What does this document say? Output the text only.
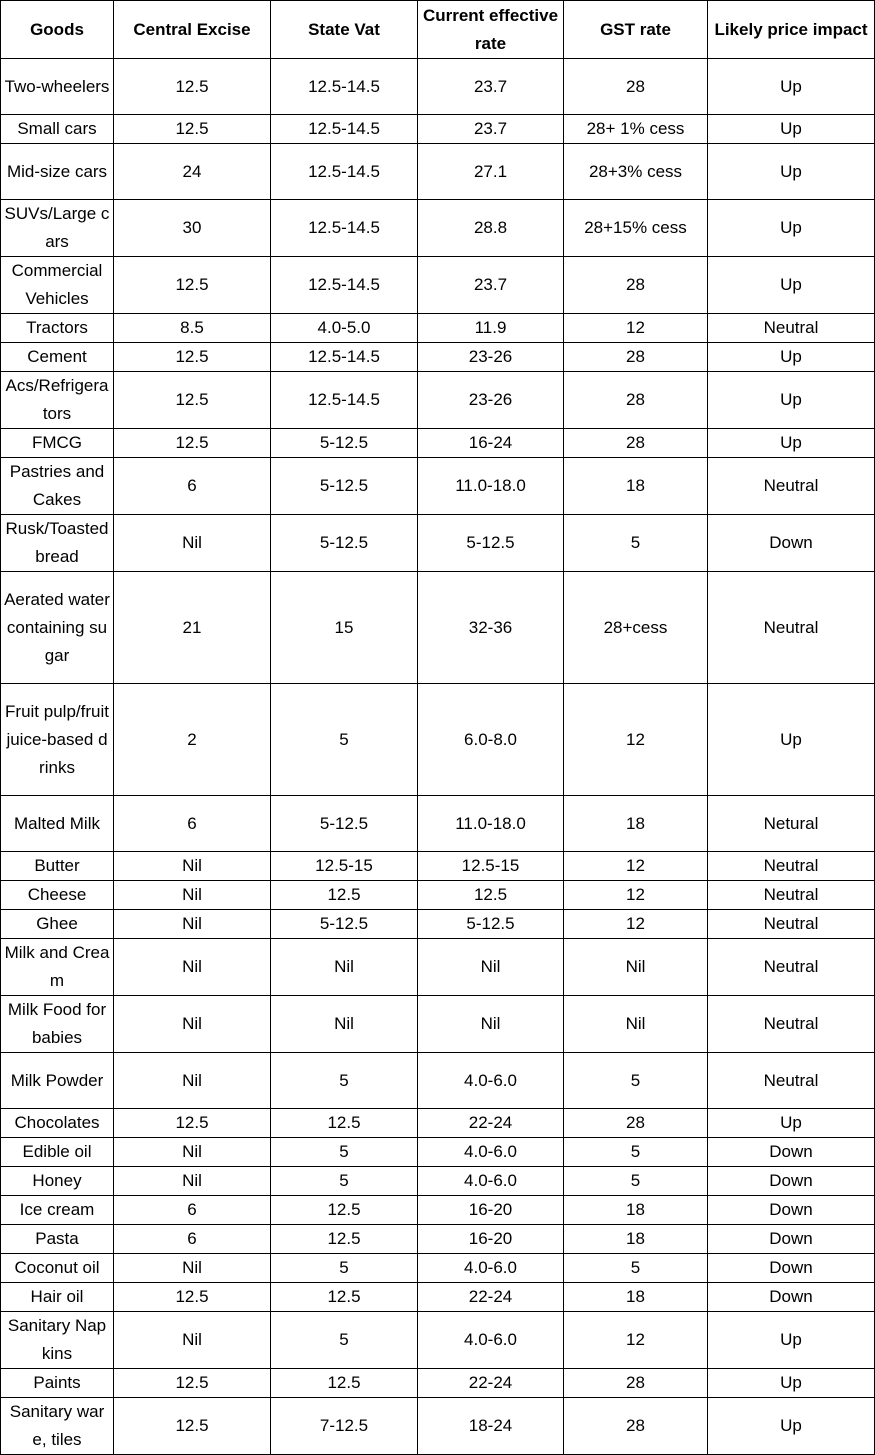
Goods	Central Excise	State Vat	Current effective rate	GST rate	Likely price impact
Two-wheelers	12.5	12.5-14.5	23.7	28	Up
Small cars	12.5	12.5-14.5	23.7	28+ 1% cess	Up
Mid-size cars	24	12.5-14.5	27.1	28+3% cess	Up
SUVs/Large cars	30	12.5-14.5	28.8	28+15% cess	Up
Commercial Vehicles	12.5	12.5-14.5	23.7	28	Up
Tractors	8.5	4.0-5.0	11.9	12	Neutral
Cement	12.5	12.5-14.5	23-26	28	Up
Acs/Refrigerators	12.5	12.5-14.5	23-26	28	Up
FMCG	12.5	5-12.5	16-24	28	Up
Pastries and Cakes	6	5-12.5	11.0-18.0	18	Neutral
Rusk/Toasted bread	Nil	5-12.5	5-12.5	5	Down
Aerated water containing sugar	21	15	32-36	28+cess	Neutral
Fruit pulp/fruit juice-based drinks	2	5	6.0-8.0	12	Up
Malted Milk	6	5-12.5	11.0-18.0	18	Netural
Butter	Nil	12.5-15	12.5-15	12	Neutral
Cheese	Nil	12.5	12.5	12	Neutral
Ghee	Nil	5-12.5	5-12.5	12	Neutral
Milk and Cream	Nil	Nil	Nil	Nil	Neutral
Milk Food for babies	Nil	Nil	Nil	Nil	Neutral
Milk Powder	Nil	5	4.0-6.0	5	Neutral
Chocolates	12.5	12.5	22-24	28	Up
Edible oil	Nil	5	4.0-6.0	5	Down
Honey	Nil	5	4.0-6.0	5	Down
Ice cream	6	12.5	16-20	18	Down
Pasta	6	12.5	16-20	18	Down
Coconut oil	Nil	5	4.0-6.0	5	Down
Hair oil	12.5	12.5	22-24	18	Down
Sanitary Napkins	Nil	5	4.0-6.0	12	Up
Paints	12.5	12.5	22-24	28	Up
Sanitary ware, tiles	12.5	7-12.5	18-24	28	Up
